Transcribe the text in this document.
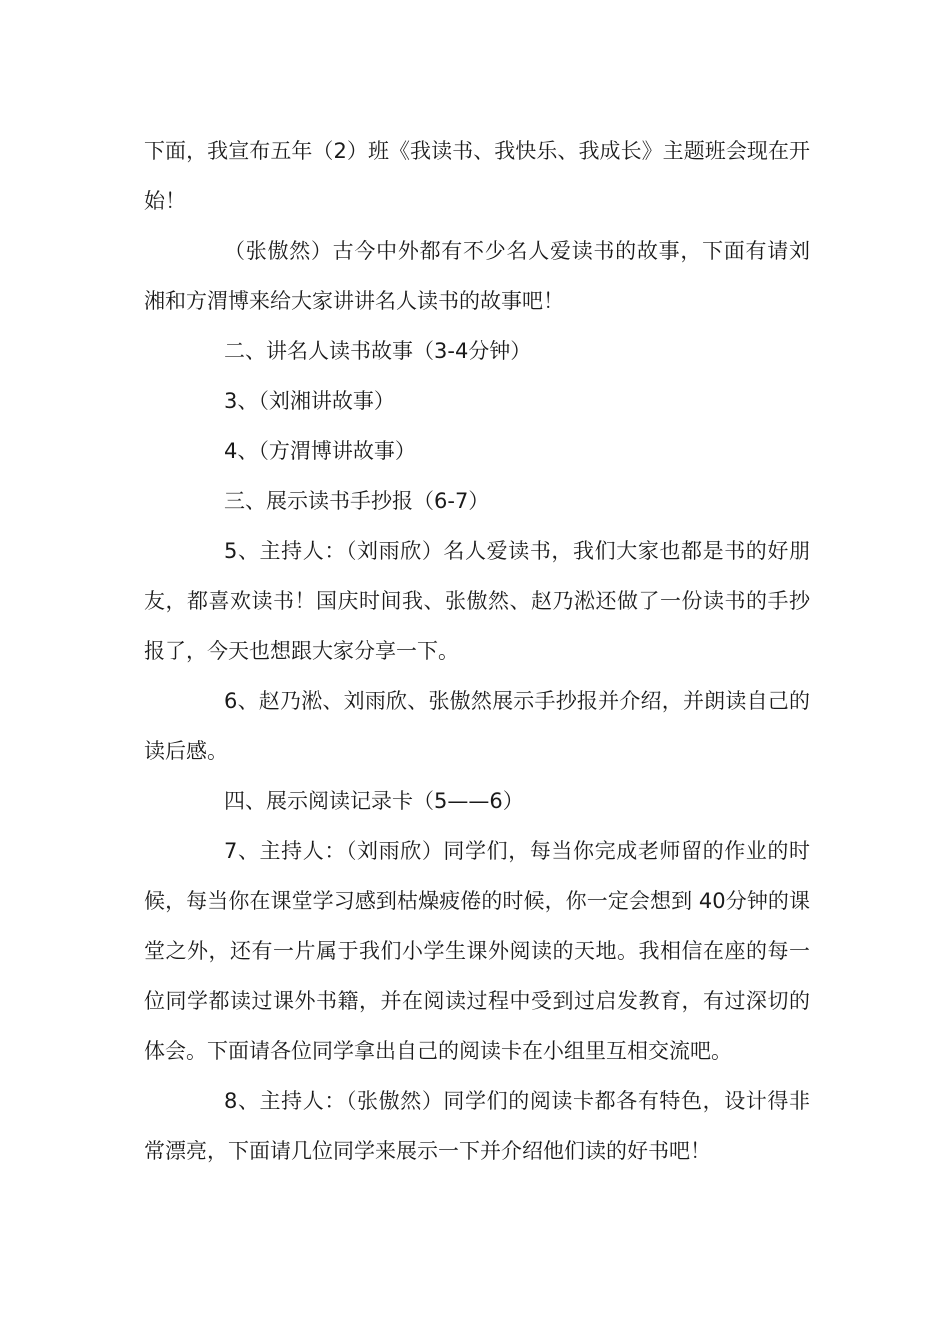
下面，我宣布五年（2）班《我读书、我快乐、我成长》主题班会现在开始！

（张傲然）古今中外都有不少名人爱读书的故事，下面有请刘湘和方渭博来给大家讲讲名人读书的故事吧！

二、讲名人读书故事（3-4分钟）

3、（刘湘讲故事）

4、（方渭博讲故事）

三、展示读书手抄报（6-7）

5、主持人：（刘雨欣）名人爱读书，我们大家也都是书的好朋友，都喜欢读书！国庆时间我、张傲然、赵乃淞还做了一份读书的手抄报了，今天也想跟大家分享一下。

6、赵乃淞、刘雨欣、张傲然展示手抄报并介绍，并朗读自己的读后感。

四、展示阅读记录卡（5——6）

7、主持人：（刘雨欣）同学们，每当你完成老师留的作业的时候，每当你在课堂学习感到枯燥疲倦的时候，你一定会想到 40分钟的课堂之外，还有一片属于我们小学生课外阅读的天地。我相信在座的每一位同学都读过课外书籍，并在阅读过程中受到过启发教育，有过深切的体会。下面请各位同学拿出自己的阅读卡在小组里互相交流吧。

8、主持人：（张傲然）同学们的阅读卡都各有特色，设计得非常漂亮，下面请几位同学来展示一下并介绍他们读的好书吧！
